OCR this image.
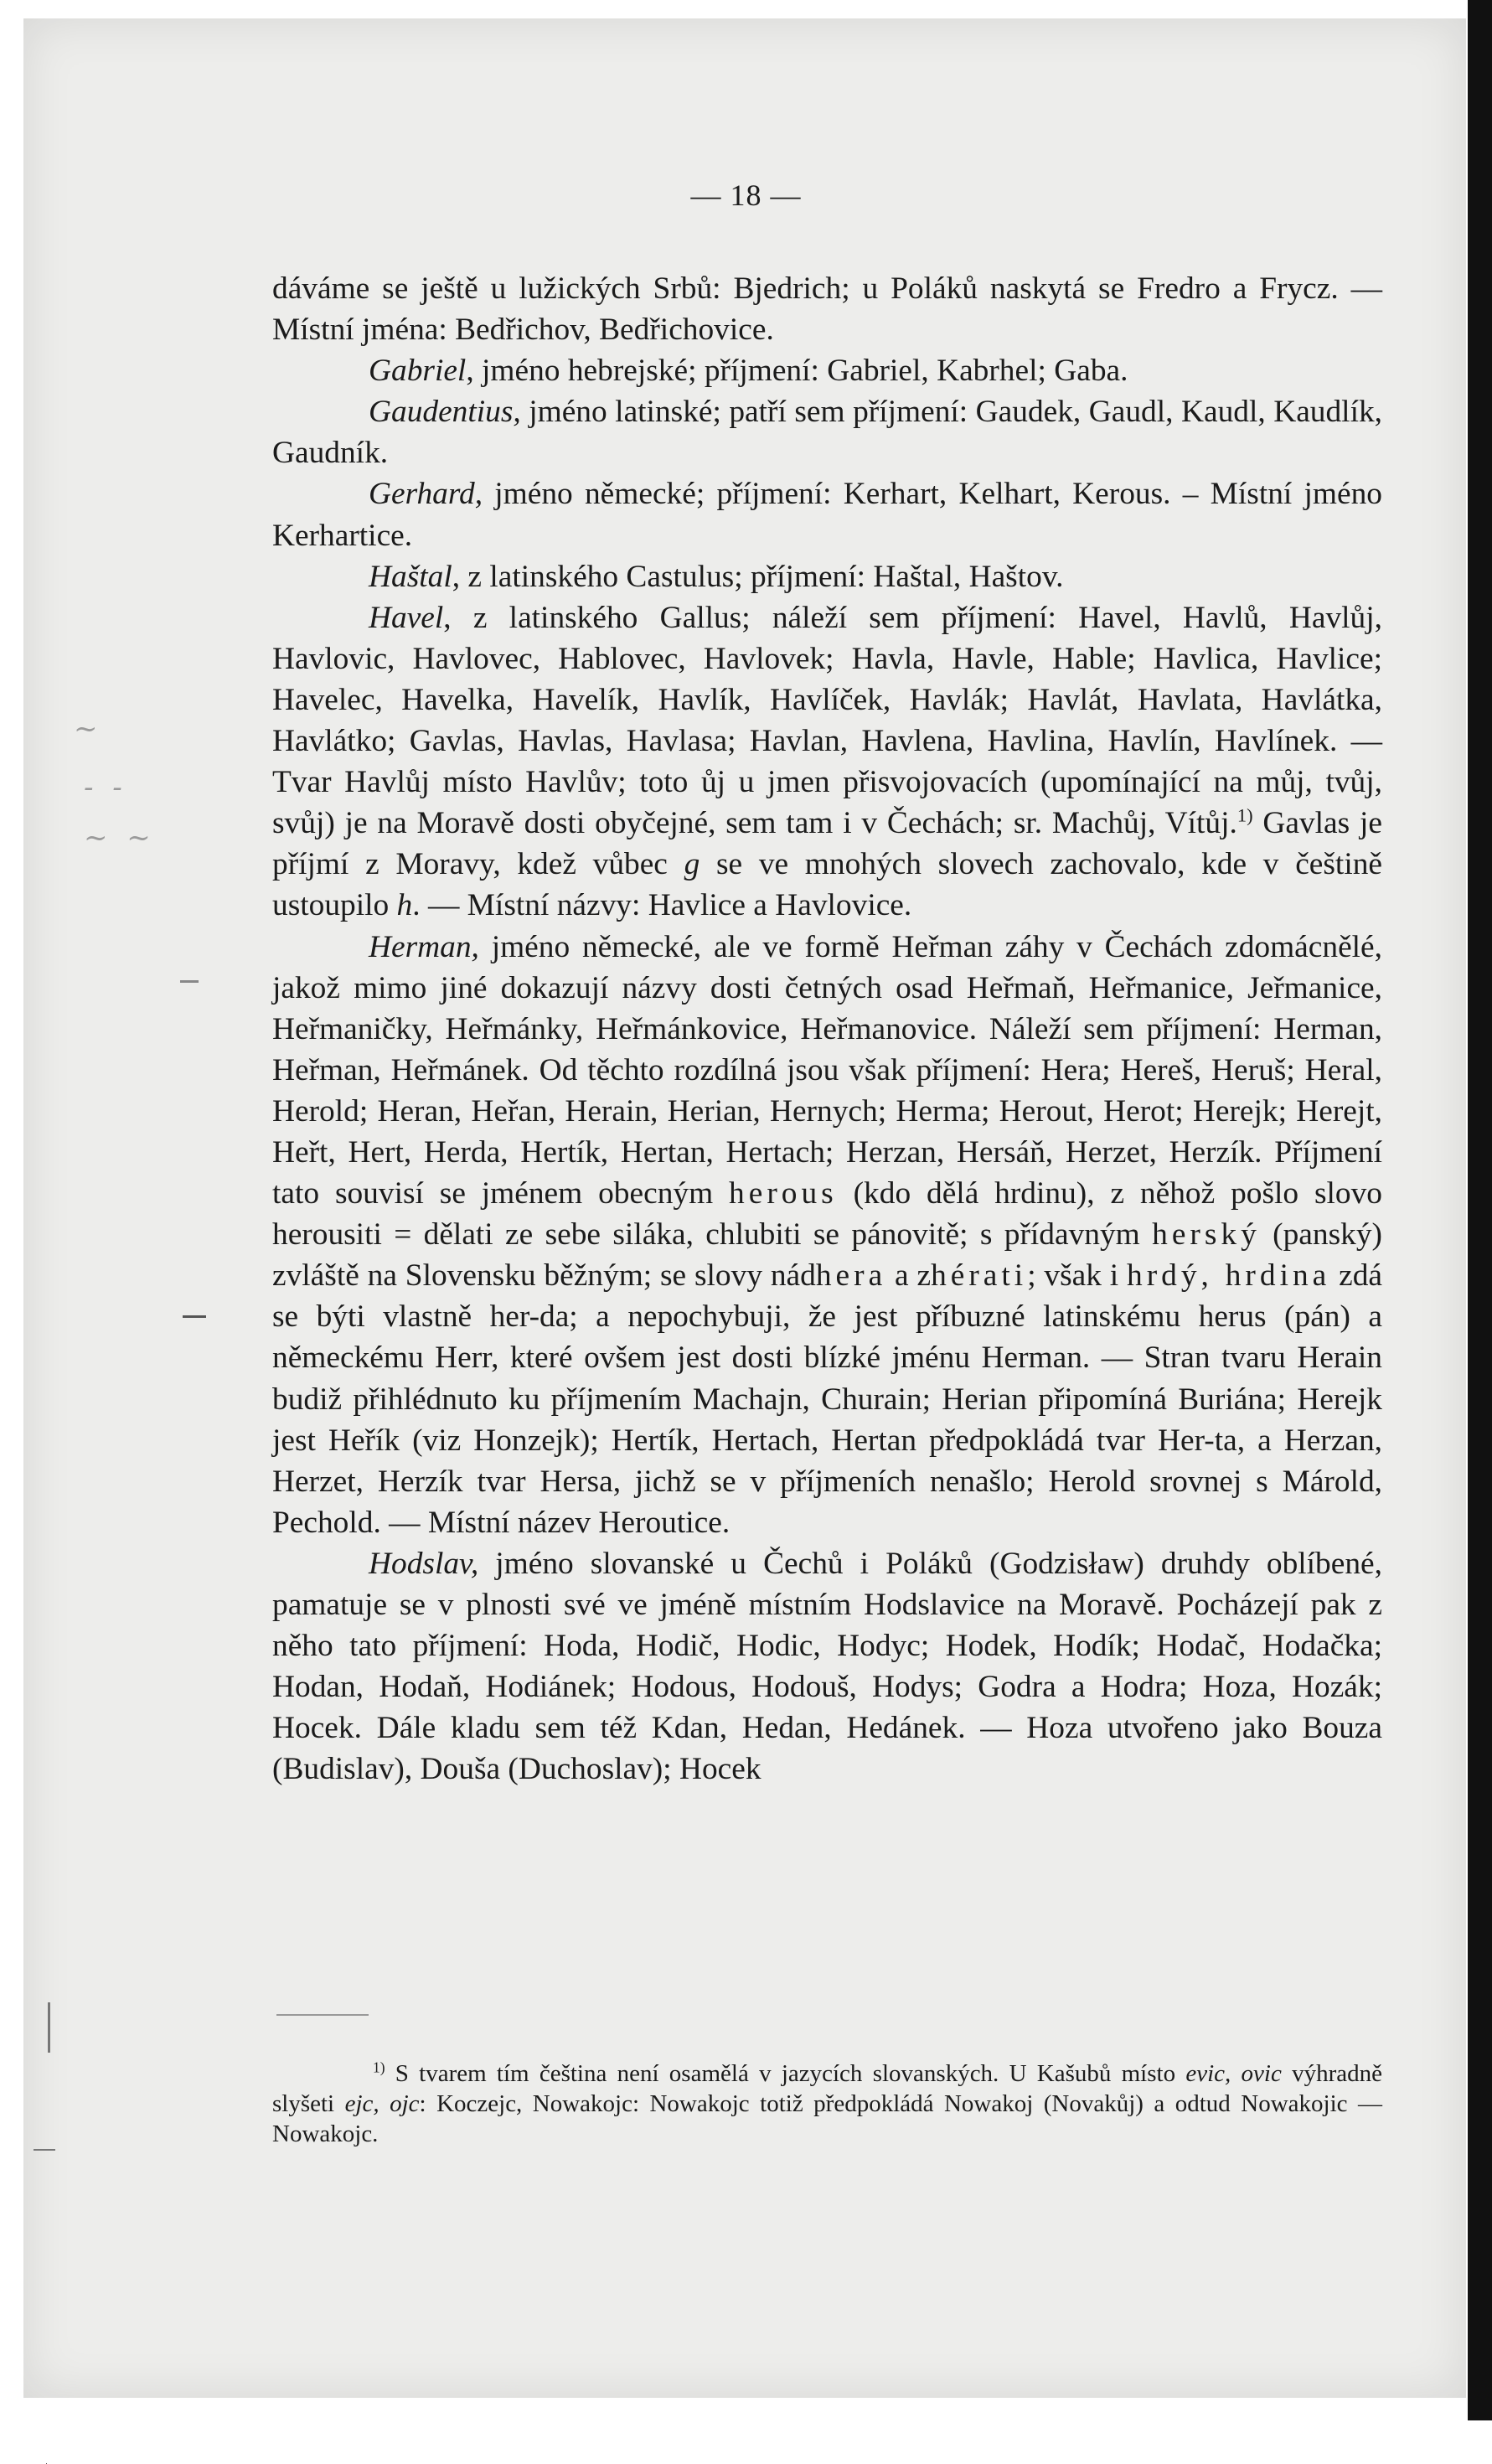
— 18 —

dáváme se ještě u lužických Srbů: Bjedrich; u Poláků naskytá se Fredro a Frycz. — Místní jména: Bedřichov, Bedřichovice.

Gabriel, jméno hebrejské; příjmení: Gabriel, Kabrhel; Gaba.

Gaudentius, jméno latinské; patří sem příjmení: Gaudek, Gaudl, Kaudl, Kaudlík, Gaudník.

Gerhard, jméno německé; příjmení: Kerhart, Kelhart, Kerous. – Místní jméno Kerhartice.

Haštal, z latinského Castulus; příjmení: Haštal, Haštov.

Havel, z latinského Gallus; náleží sem příjmení: Havel, Havlů, Havlůj, Havlovic, Havlovec, Hablovec, Havlovek; Havla, Havle, Hable; Havlica, Havlice; Havelec, Havelka, Havelík, Havlík, Havlíček, Havlák; Havlát, Havlata, Havlátka, Havlátko; Gavlas, Havlas, Havlasa; Havlan, Havlena, Havlina, Havlín, Havlínek. — Tvar Havlůj místo Havlův; toto ůj u jmen přisvojovacích (upomínající na můj, tvůj, svůj) je na Moravě dosti obyčejné, sem tam i v Čechách; sr. Machůj, Vítůj.$^{1)}$ Gavlas je příjmí z Moravy, kdež vůbec g se ve mnohých slovech zachovalo, kde v češtině ustoupilo h. — Místní názvy: Havlice a Havlovice.

Herman, jméno německé, ale ve formě Heřman záhy v Čechách zdomácnělé, jakož mimo jiné dokazují názvy dosti četných osad Heřmaň, Heřmanice, Jeřmanice, Heřmaničky, Heřmánky, Heřmánkovice, Heřmanovice. Náleží sem příjmení: Herman, Heřman, Heřmánek. Od těchto rozdílná jsou však příjmení: Hera; Hereš, Heruš; Heral, Herold; Heran, Heřan, Herain, Herian, Hernych; Herma; Herout, Herot; Herejk; Herejt, Heřt, Hert, Herda, Hertík, Hertan, Hertach; Herzan, Hersáň, Herzet, Herzík. Příjmení tato souvisí se jménem obecným herous (kdo dělá hrdinu), z něhož pošlo slovo herousiti = dělati ze sebe siláka, chlubiti se pánovitě; s přídavným herský (panský) zvláště na Slovensku běžným; se slovy nádhera a zhérati; však i hrdý, hrdina zdá se býti vlastně her-da; a nepochybuji, že jest příbuzné latinskému herus (pán) a německému Herr, které ovšem jest dosti blízké jménu Herman. — Stran tvaru Herain budiž přihlédnuto ku příjmením Machajn, Churain; Herian připomíná Buriána; Herejk jest Heřík (viz Honzejk); Hertík, Hertach, Hertan předpokládá tvar Her-ta, a Herzan, Herzet, Herzík tvar Hersa, jichž se v příjmeních nenašlo; Herold srovnej s Márold, Pechold. — Místní název Heroutice.

Hodslav, jméno slovanské u Čechů i Poláků (Godzisław) druhdy oblíbené, pamatuje se v plnosti své ve jméně místním Hodslavice na Moravě. Pocházejí pak z něho tato příjmení: Hoda, Hodič, Hodic, Hodyc; Hodek, Hodík; Hodač, Hodačka; Hodan, Hodaň, Hodiánek; Hodous, Hodouš, Hodys; Godra a Hodra; Hoza, Hozák; Hocek. Dále kladu sem též Kdan, Hedan, Hedánek. — Hoza utvořeno jako Bouza (Budislav), Douša (Duchoslav); Hocek

$^{1)}$ S tvarem tím čeština není osamělá v jazycích slovanských. U Kašubů místo evic, ovic výhradně slyšeti ejc, ojc: Koczejc, Nowakojc: Nowakojc totiž předpokládá Nowakoj (Novakůj) a odtud Nowakojic — Nowakojc.

~
- -
~ ~
